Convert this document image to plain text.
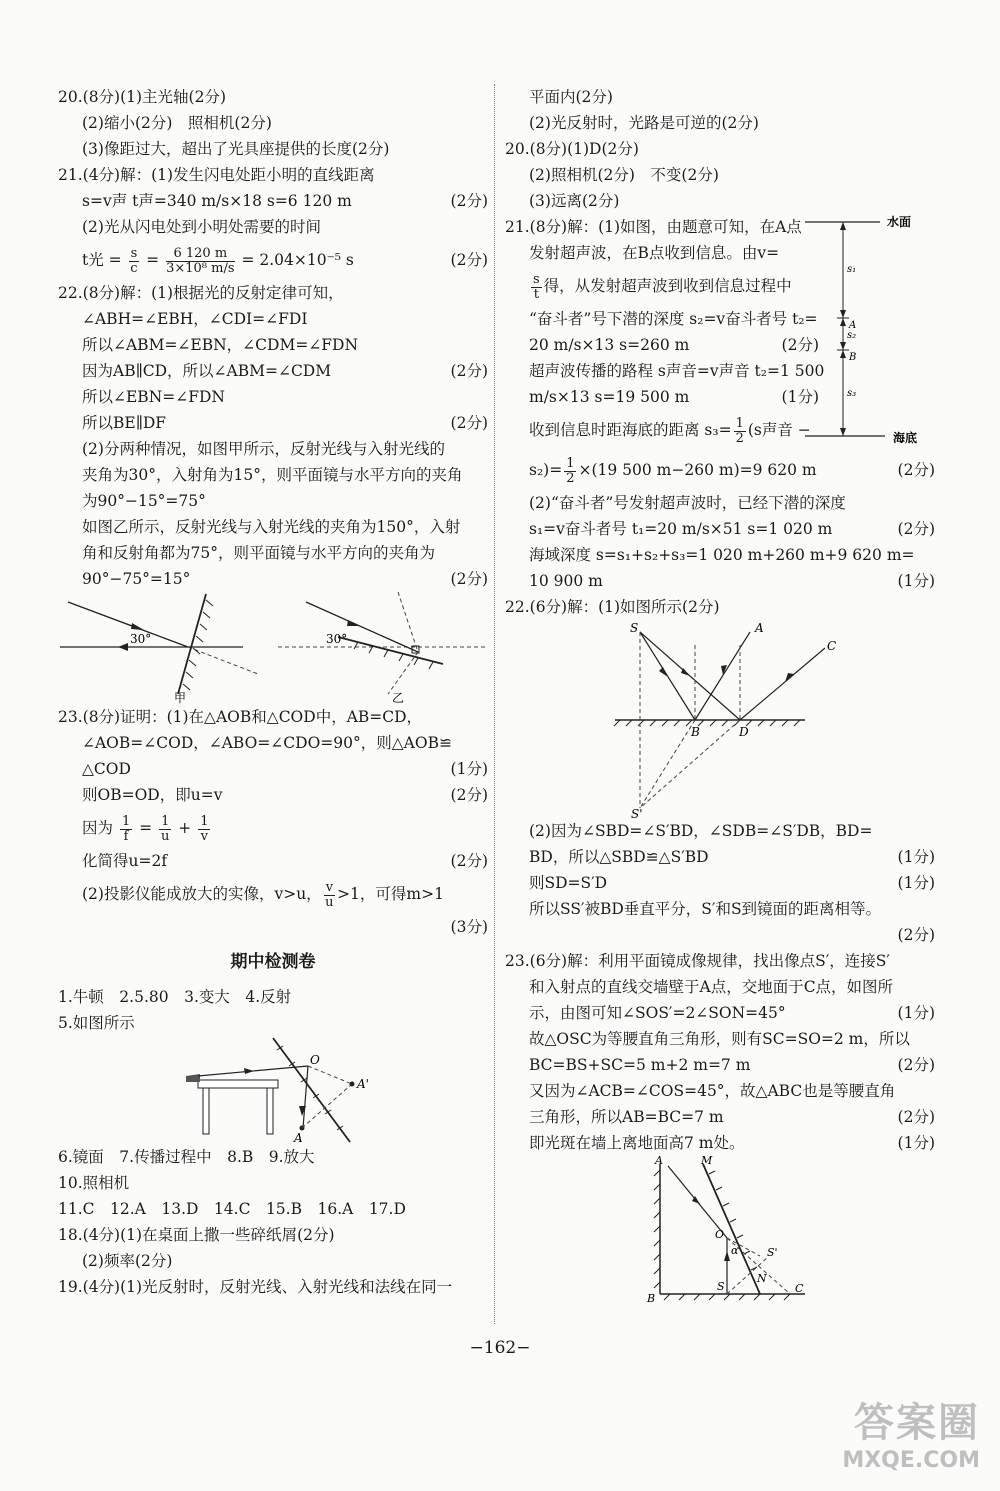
20.(8分)(1)主光轴(2分)
(2)缩小(2分)　照相机(2分)
(3)像距过大，超出了光具座提供的长度(2分)
21.(4分)解：(1)发生闪电处距小明的直线距离
s=v声 t声=340 m/s×18 s=6 120 m	(2分)
(2)光从闪电处到小明处需要的时间
t光 = $\frac{s}{c} = \frac{6 120 m}{\text{3×10⁸ m/s}} = 2.04\times 10^{-5}$ s	(2分)
22.(8分)解：(1)根据光的反射定律可知，
∠ABH=∠EBH，∠CDI=∠FDI
所以∠ABM=∠EBN，∠CDM=∠FDN
因为AB∥CD，所以∠ABM=∠CDM	(2分)
所以∠EBN=∠FDN
所以BE∥DF	(2分)
(2)分两种情况，如图甲所示，反射光线与入射光线的
夹角为30°，入射角为15°，则平面镜与水平方向的夹角
为90°−15°=75°
如图乙所示，反射光线与入射光线的夹角为150°，入射
角和反射角都为75°，则平面镜与水平方向的夹角为
90°−75°=15°	(2分)
30°
甲
30°
乙
23.(8分)证明：(1)在△AOB和△COD中，AB=CD，
∠AOB=∠COD，∠ABO=∠CDO=90°，则△AOB≌
△COD	(1分)
则OB=OD，即u=v	(2分)
因为 $\frac{1}{f} = \frac{1}{u} + \frac{1}{v}$
化简得u=2f	(2分)
(2)投影仪能成放大的实像，v>u， $\frac{v}{u} >1$，可得m>1
(3分)
期中检测卷
1.牛顿　2.5.80　3.变大　4.反射
5.如图所示
O
A
A'
6.镜面　7.传播过程中　8.B　9.放大
10.照相机
11.C　12.A　13.D　14.C　15.B　16.A　17.D
18.(4分)(1)在桌面上撒一些碎纸屑(2分)
(2)频率(2分)
19.(4分)(1)光反射时，反射光线、入射光线和法线在同一
平面内(2分)
(2)光反射时，光路是可逆的(2分)
20.(8分)(1)D(2分)
(2)照相机(2分)　不变(2分)
(3)远离(2分)
水面
海底
s₁
s₂
s₃
A
B
21.(8分)解：(1)如图，由题意可知，在A点
发射超声波，在B点收到信息。由v=
$\frac{s}{t}$ 得，从发射超声波到收到信息过程中
“奋斗者”号下潜的深度 s₂=v奋斗者号 t₂=
20 m/s×13 s=260 m	(2分)
超声波传播的路程 s声音=v声音 t₂=1 500
m/s×13 s=19 500 m	(1分)
收到信息时距海底的距离 $s_3= \frac{1}{2} (s$声音 −
$s_2)= \frac{1}{2} \times(19$ 500 m−260 m)=9 620 m	(2分)
(2)“奋斗者”号发射超声波时，已经下潜的深度
s₁=v奋斗者号 t₁=20 m/s×51 s=1 020 m	(2分)
海域深度 s=s₁+s₂+s₃=1 020 m+260 m+9 620 m=
10 900 m	(1分)
22.(6分)解：(1)如图所示(2分)
S	A
C
B	D
S'
(2)因为∠SBD=∠S′BD，∠SDB=∠S′DB，BD=
BD，所以△SBD≌△S′BD	(1分)
则SD=S′D	(1分)
所以SS′被BD垂直平分，S′和S到镜面的距离相等。
(2分)
23.(6分)解：利用平面镜成像规律，找出像点S′，连接S′
和入射点的直线交墙壁于A点，交地面于C点，如图所
示，由图可知∠SOS′=2∠SON=45°	(1分)
故△OSC为等腰直角三角形，则有SC=SO=2 m，所以
BC=BS+SC=5 m+2 m=7 m	(2分)
又因为∠ACB=∠COS=45°，故△ABC也是等腰直角
三角形，所以AB=BC=7 m	(2分)
即光斑在墙上离地面高7 m处。	(1分)
A	M
O
α	S'
N
S
B
C
−162−
答案圈
MXQE.COM
